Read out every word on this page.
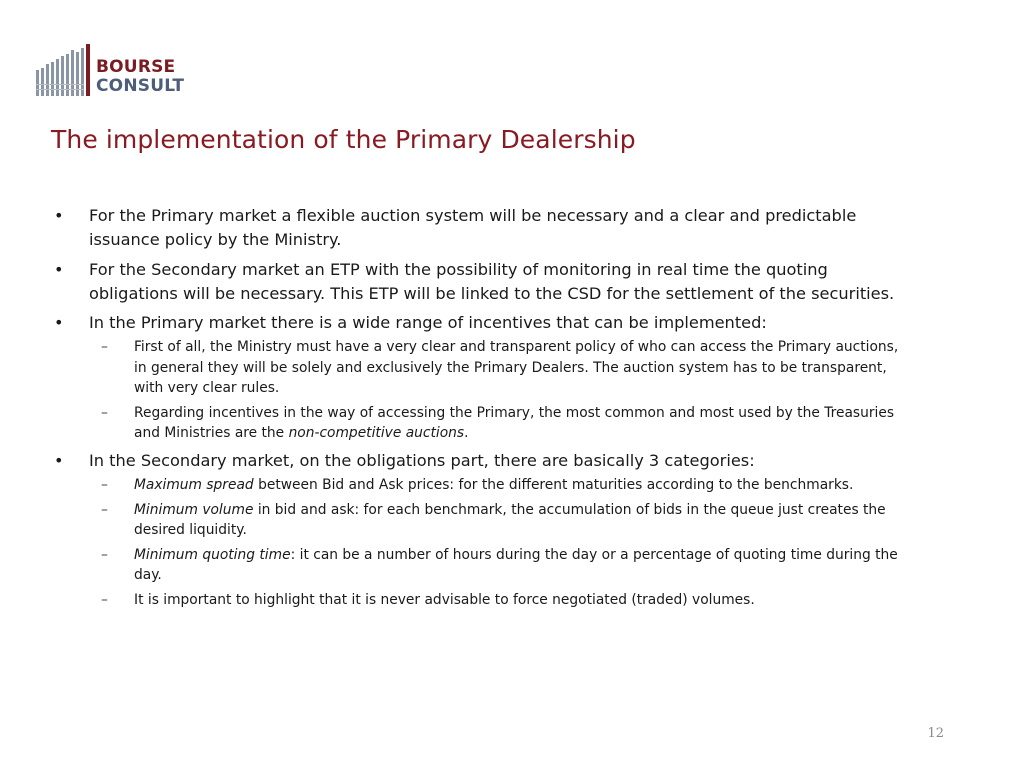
BOURSE
CONSULT
The implementation of the Primary Dealership
• For the Primary market a flexible auction system will be necessary and a clear and predictable issuance policy by the Ministry.
• For the Secondary market an ETP with the possibility of monitoring in real time the quoting obligations will be necessary. This ETP will be linked to the CSD for the settlement of the securities.
• In the Primary market there is a wide range of incentives that can be implemented:
– First of all, the Ministry must have a very clear and transparent policy of who can access the Primary auctions, in general they will be solely and exclusively the Primary Dealers. The auction system has to be transparent, with very clear rules.
– Regarding incentives in the way of accessing the Primary, the most common and most used by the Treasuries and Ministries are the non-competitive auctions.
• In the Secondary market, on the obligations part, there are basically 3 categories:
– Maximum spread between Bid and Ask prices: for the different maturities according to the benchmarks.
– Minimum volume in bid and ask: for each benchmark, the accumulation of bids in the queue just creates the desired liquidity.
– Minimum quoting time: it can be a number of hours during the day or a percentage of quoting time during the day.
– It is important to highlight that it is never advisable to force negotiated (traded) volumes.
12
